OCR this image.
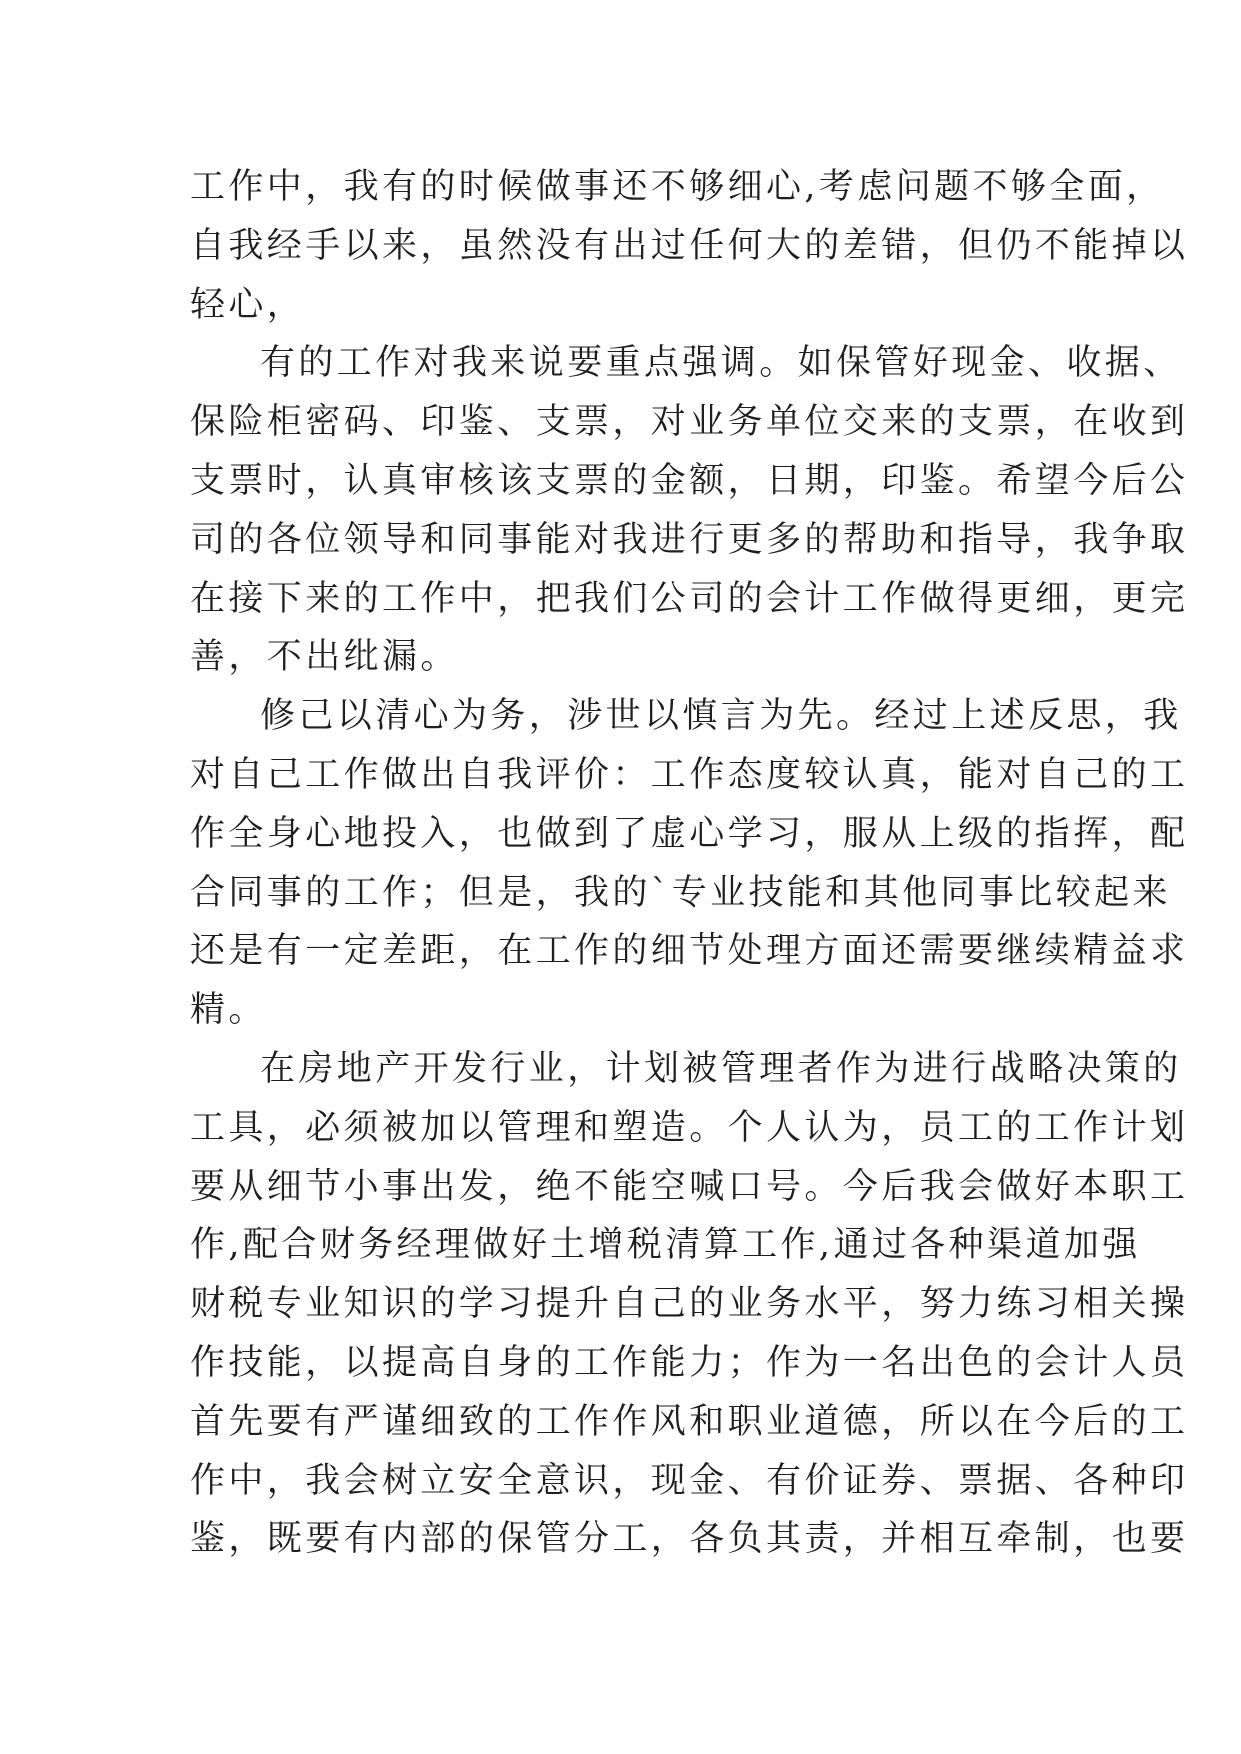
工作中，我有的时候做事还不够细心,考虑问题不够全面，
自我经手以来，虽然没有出过任何大的差错，但仍不能掉以
轻心，
有的工作对我来说要重点强调。如保管好现金、收据、
保险柜密码、印鉴、支票，对业务单位交来的支票，在收到
支票时，认真审核该支票的金额，日期，印鉴。希望今后公
司的各位领导和同事能对我进行更多的帮助和指导，我争取
在接下来的工作中，把我们公司的会计工作做得更细，更完
善，不出纰漏。
修己以清心为务，涉世以慎言为先。经过上述反思，我
对自己工作做出自我评价：工作态度较认真，能对自己的工
作全身心地投入，也做到了虚心学习，服从上级的指挥，配
合同事的工作；但是，我的`专业技能和其他同事比较起来
还是有一定差距，在工作的细节处理方面还需要继续精益求
精。
在房地产开发行业，计划被管理者作为进行战略决策的
工具，必须被加以管理和塑造。个人认为，员工的工作计划
要从细节小事出发，绝不能空喊口号。今后我会做好本职工
作,配合财务经理做好土增税清算工作,通过各种渠道加强
财税专业知识的学习提升自己的业务水平，努力练习相关操
作技能，以提高自身的工作能力；作为一名出色的会计人员
首先要有严谨细致的工作作风和职业道德，所以在今后的工
作中，我会树立安全意识，现金、有价证券、票据、各种印
鉴，既要有内部的保管分工，各负其责，并相互牵制，也要
